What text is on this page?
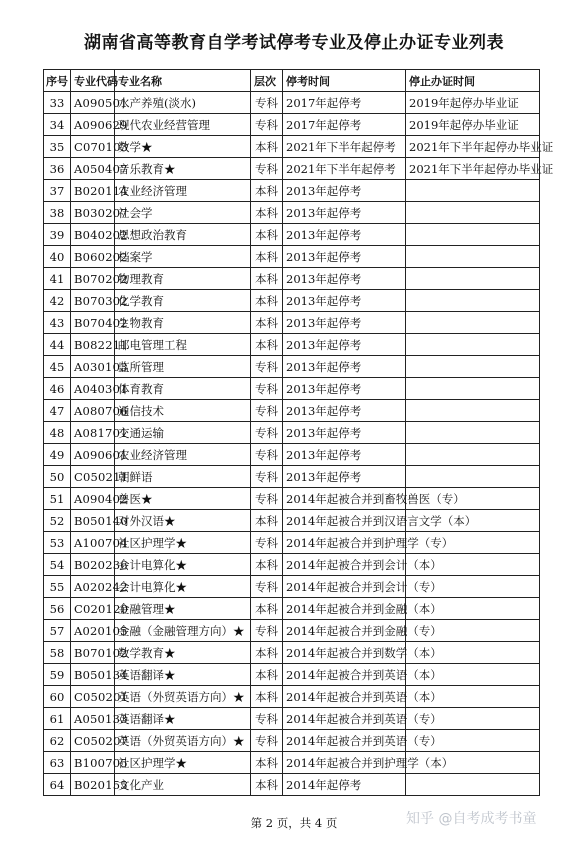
湖南省高等教育自学考试停考专业及停止办证专业列表
序号	专业代码	专业名称	层次	停考时间	停止办证时间
33	A090501	水产养殖(淡水)	专科	2017年起停考	2019年起停办毕业证
34	A090629	现代农业经营管理	专科	2017年起停考	2019年起停办毕业证
35	C070103	数学★	本科	2021年下半年起停考	2021年下半年起停办毕业证
36	A050407	音乐教育★	专科	2021年下半年起停考	2021年下半年起停办毕业证
37	B020114	农业经济管理	本科	2013年起停考	
38	B030207	社会学	本科	2013年起停考	
39	B040202	思想政治教育	本科	2013年起停考	
40	B060202	档案学	本科	2013年起停考	
41	B070202	物理教育	本科	2013年起停考	
42	B070302	化学教育	本科	2013年起停考	
43	B070402	生物教育	本科	2013年起停考	
44	B082211	邮电管理工程	本科	2013年起停考	
45	A030103	监所管理	专科	2013年起停考	
46	A040301	体育教育	专科	2013年起停考	
47	A080706	通信技术	专科	2013年起停考	
48	A081701	交通运输	专科	2013年起停考	
49	A090601	农业经济管理	专科	2013年起停考	
50	C050211	朝鲜语	专科	2013年起停考	
51	A090402	兽医★	专科	2014年起被合并到畜牧兽医（专）	
52	B050140	对外汉语★	本科	2014年起被合并到汉语言文学（本）	
53	A100704	社区护理学★	专科	2014年起被合并到护理学（专）	
54	B020236	会计电算化★	本科	2014年起被合并到会计（本）	
55	A020242	会计电算化★	专科	2014年起被合并到会计（专）	
56	C020120	金融管理★	本科	2014年起被合并到金融（本）	
57	A020105	金融（金融管理方向）★	专科	2014年起被合并到金融（专）	
58	B070102	数学教育★	本科	2014年起被合并到数学（本）	
59	B050134	英语翻译★	本科	2014年起被合并到英语（本）	
60	C050201	英语（外贸英语方向）★	本科	2014年起被合并到英语（本）	
61	A050133	英语翻译★	专科	2014年起被合并到英语（专）	
62	C050207	英语（外贸英语方向）★	专科	2014年起被合并到英语（专）	
63	B100705	社区护理学★	本科	2014年起被合并到护理学（本）	
64	B020155	文化产业	本科	2014年起停考	
第 2 页，共 4 页	知乎 @自考成考书童
